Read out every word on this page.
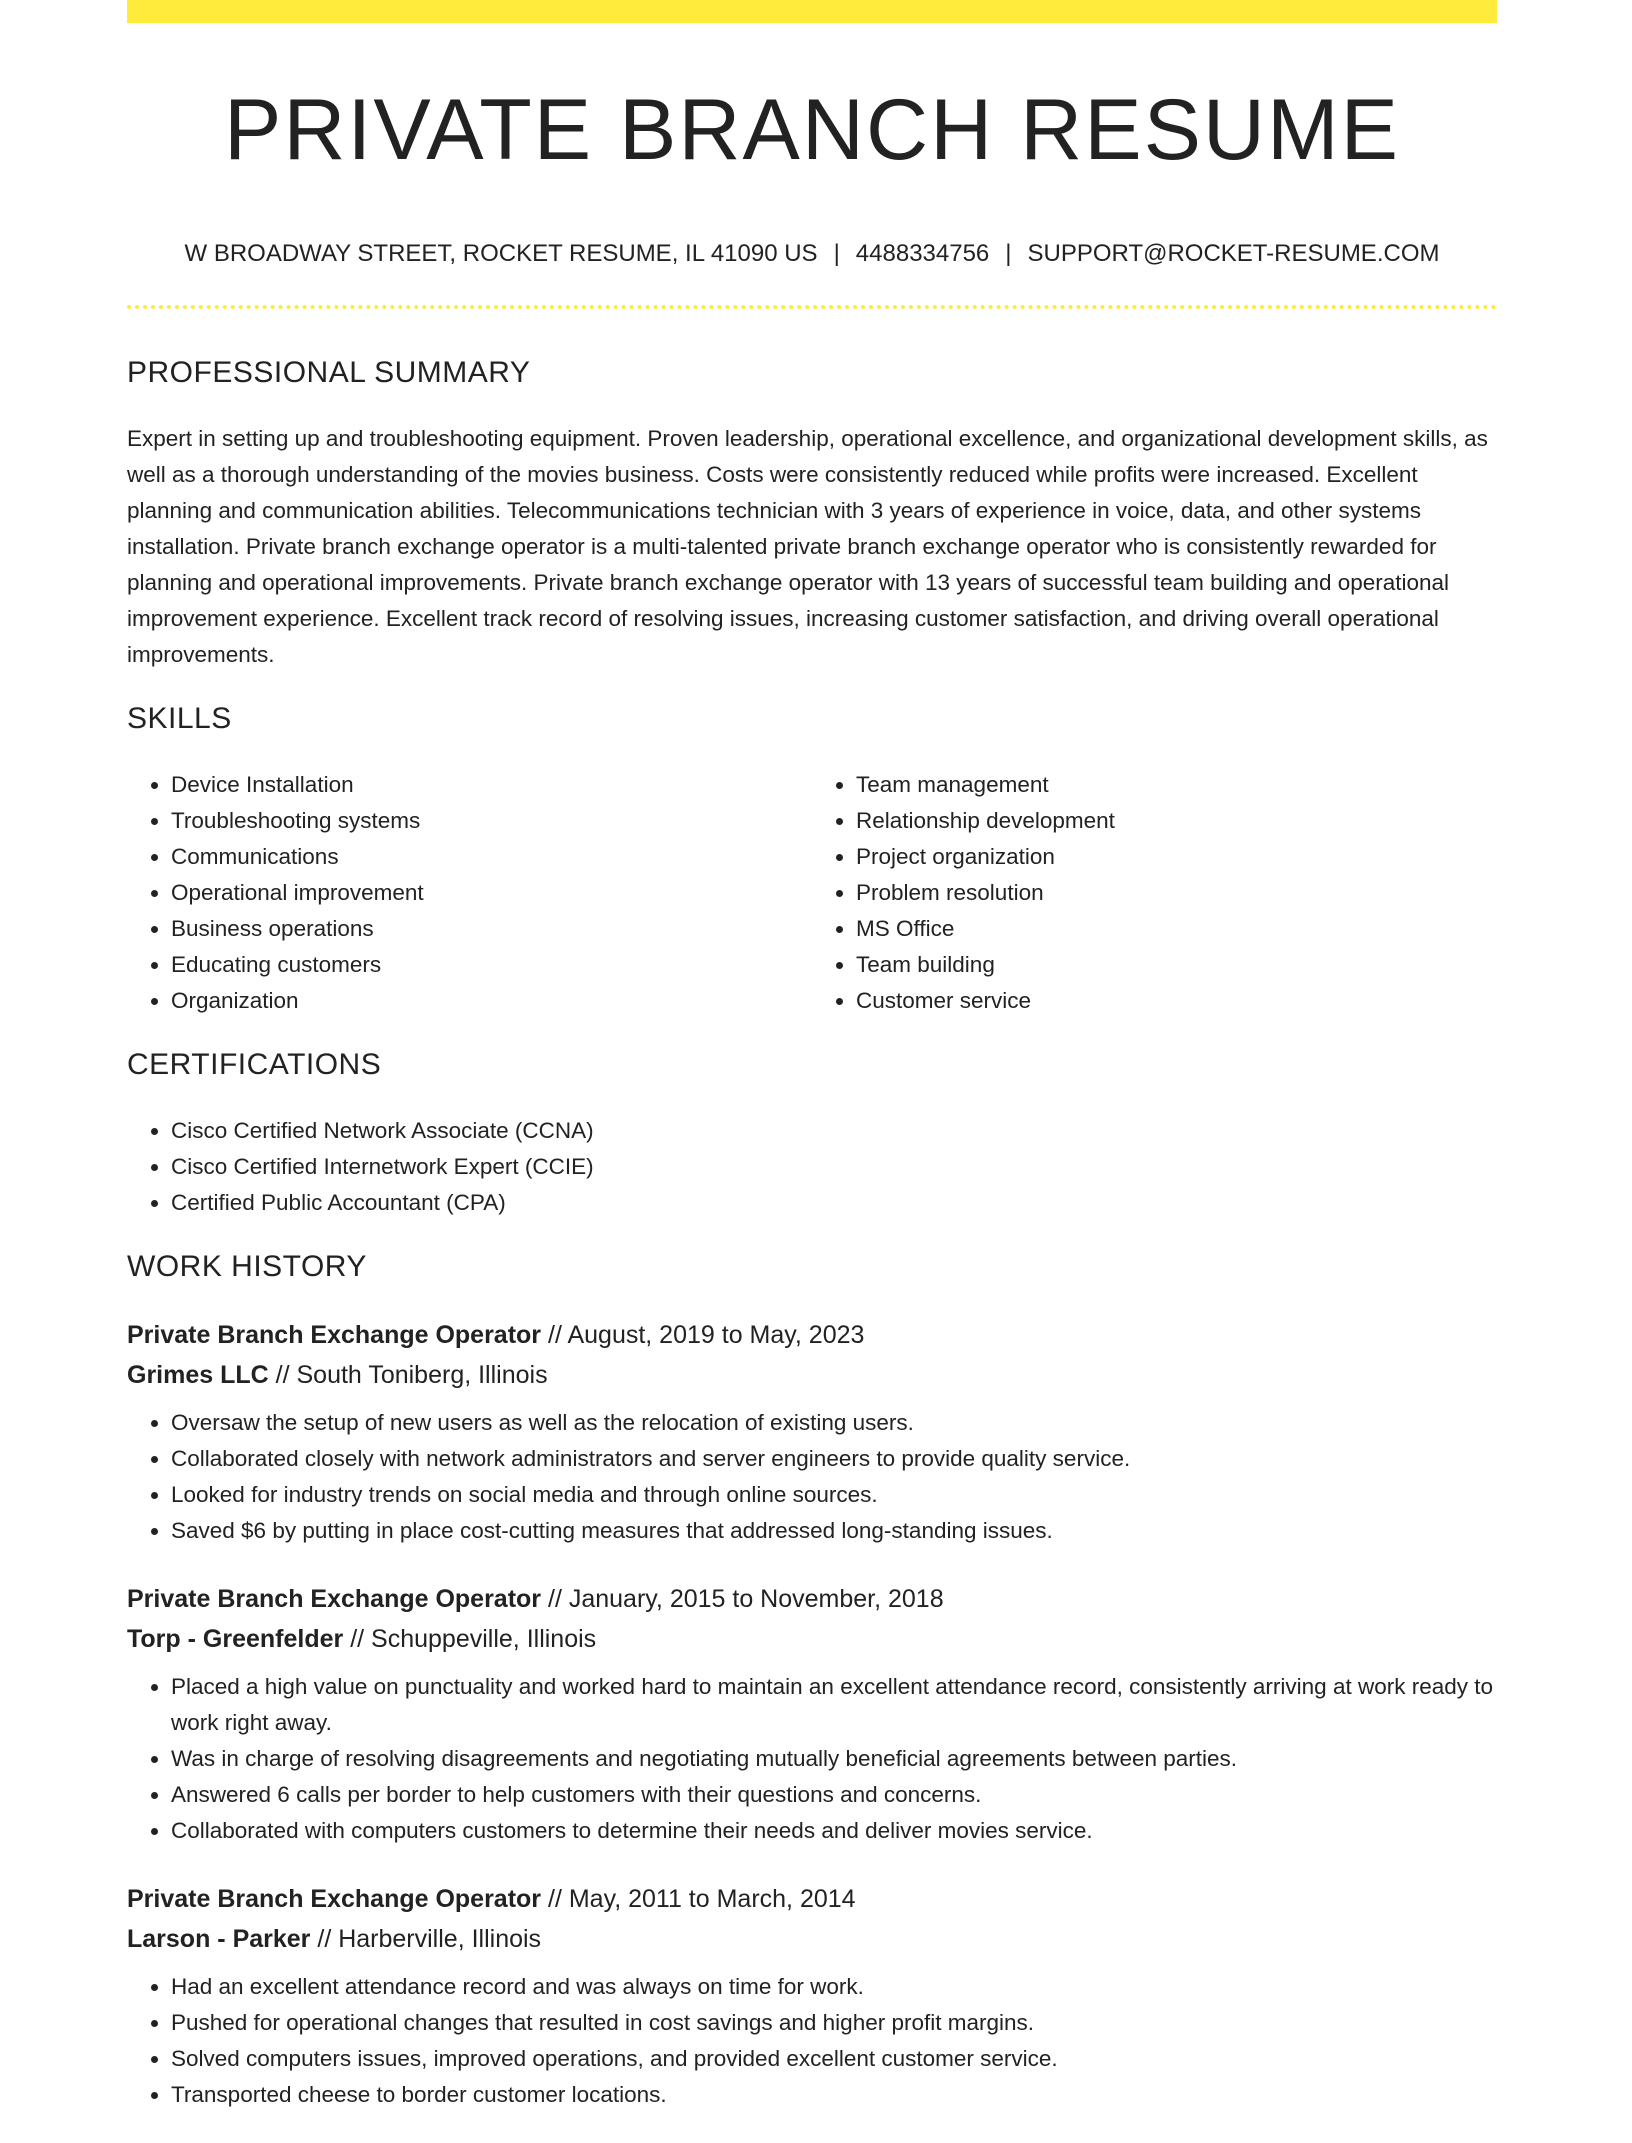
PRIVATE BRANCH RESUME
W BROADWAY STREET, ROCKET RESUME, IL 41090 US | 4488334756 | SUPPORT@ROCKET-RESUME.COM
PROFESSIONAL SUMMARY

Expert in setting up and troubleshooting equipment. Proven leadership, operational excellence, and organizational development skills, as well as a thorough understanding of the movies business. Costs were consistently reduced while profits were increased. Excellent planning and communication abilities. Telecommunications technician with 3 years of experience in voice, data, and other systems installation. Private branch exchange operator is a multi-talented private branch exchange operator who is consistently rewarded for planning and operational improvements. Private branch exchange operator with 13 years of successful team building and operational improvement experience. Excellent track record of resolving issues, increasing customer satisfaction, and driving overall operational improvements.

SKILLS
• Device Installation
• Troubleshooting systems
• Communications
• Operational improvement
• Business operations
• Educating customers
• Organization
• Team management
• Relationship development
• Project organization
• Problem resolution
• MS Office
• Team building
• Customer service
CERTIFICATIONS
• Cisco Certified Network Associate (CCNA)
• Cisco Certified Internetwork Expert (CCIE)
• Certified Public Accountant (CPA)
WORK HISTORY
Private Branch Exchange Operator // August, 2019 to May, 2023
Grimes LLC // South Toniberg, Illinois
• Oversaw the setup of new users as well as the relocation of existing users.
• Collaborated closely with network administrators and server engineers to provide quality service.
• Looked for industry trends on social media and through online sources.
• Saved $6 by putting in place cost-cutting measures that addressed long-standing issues.
Private Branch Exchange Operator // January, 2015 to November, 2018
Torp - Greenfelder // Schuppeville, Illinois
• Placed a high value on punctuality and worked hard to maintain an excellent attendance record, consistently arriving at work ready to work right away.
• Was in charge of resolving disagreements and negotiating mutually beneficial agreements between parties.
• Answered 6 calls per border to help customers with their questions and concerns.
• Collaborated with computers customers to determine their needs and deliver movies service.
Private Branch Exchange Operator // May, 2011 to March, 2014
Larson - Parker // Harberville, Illinois
• Had an excellent attendance record and was always on time for work.
• Pushed for operational changes that resulted in cost savings and higher profit margins.
• Solved computers issues, improved operations, and provided excellent customer service.
• Transported cheese to border customer locations.
